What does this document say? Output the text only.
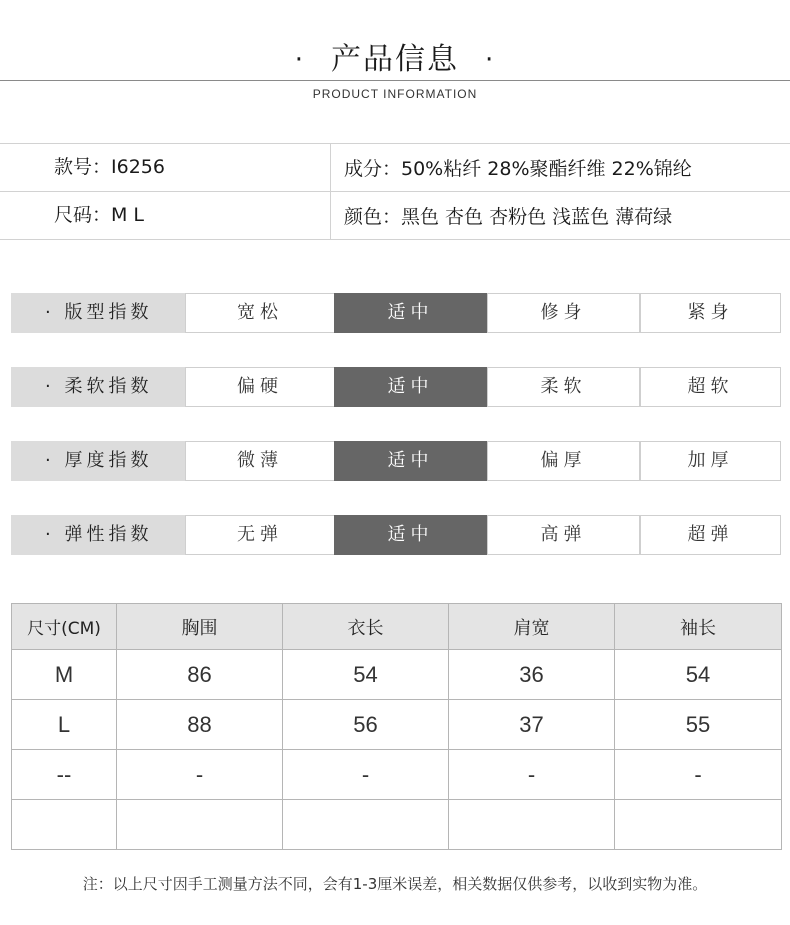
· 产品信息 ·
PRODUCT INFORMATION
款号：I6256	成分：50%粘纤 28%聚酯纤维 22%锦纶
尺码：M L	颜色：黑色 杏色 杏粉色 浅蓝色 薄荷绿
· 版型指数	宽松	适中	修身	紧身
· 柔软指数	偏硬	适中	柔软	超软
· 厚度指数	微薄	适中	偏厚	加厚
· 弹性指数	无弹	适中	高弹	超弹
尺寸(CM)	胸围	衣长	肩宽	袖长
M	86	54	36	54
L	88	56	37	55
--	-	-	-	-

注：以上尺寸因手工测量方法不同，会有1-3厘米误差，相关数据仅供参考，以收到实物为准。
